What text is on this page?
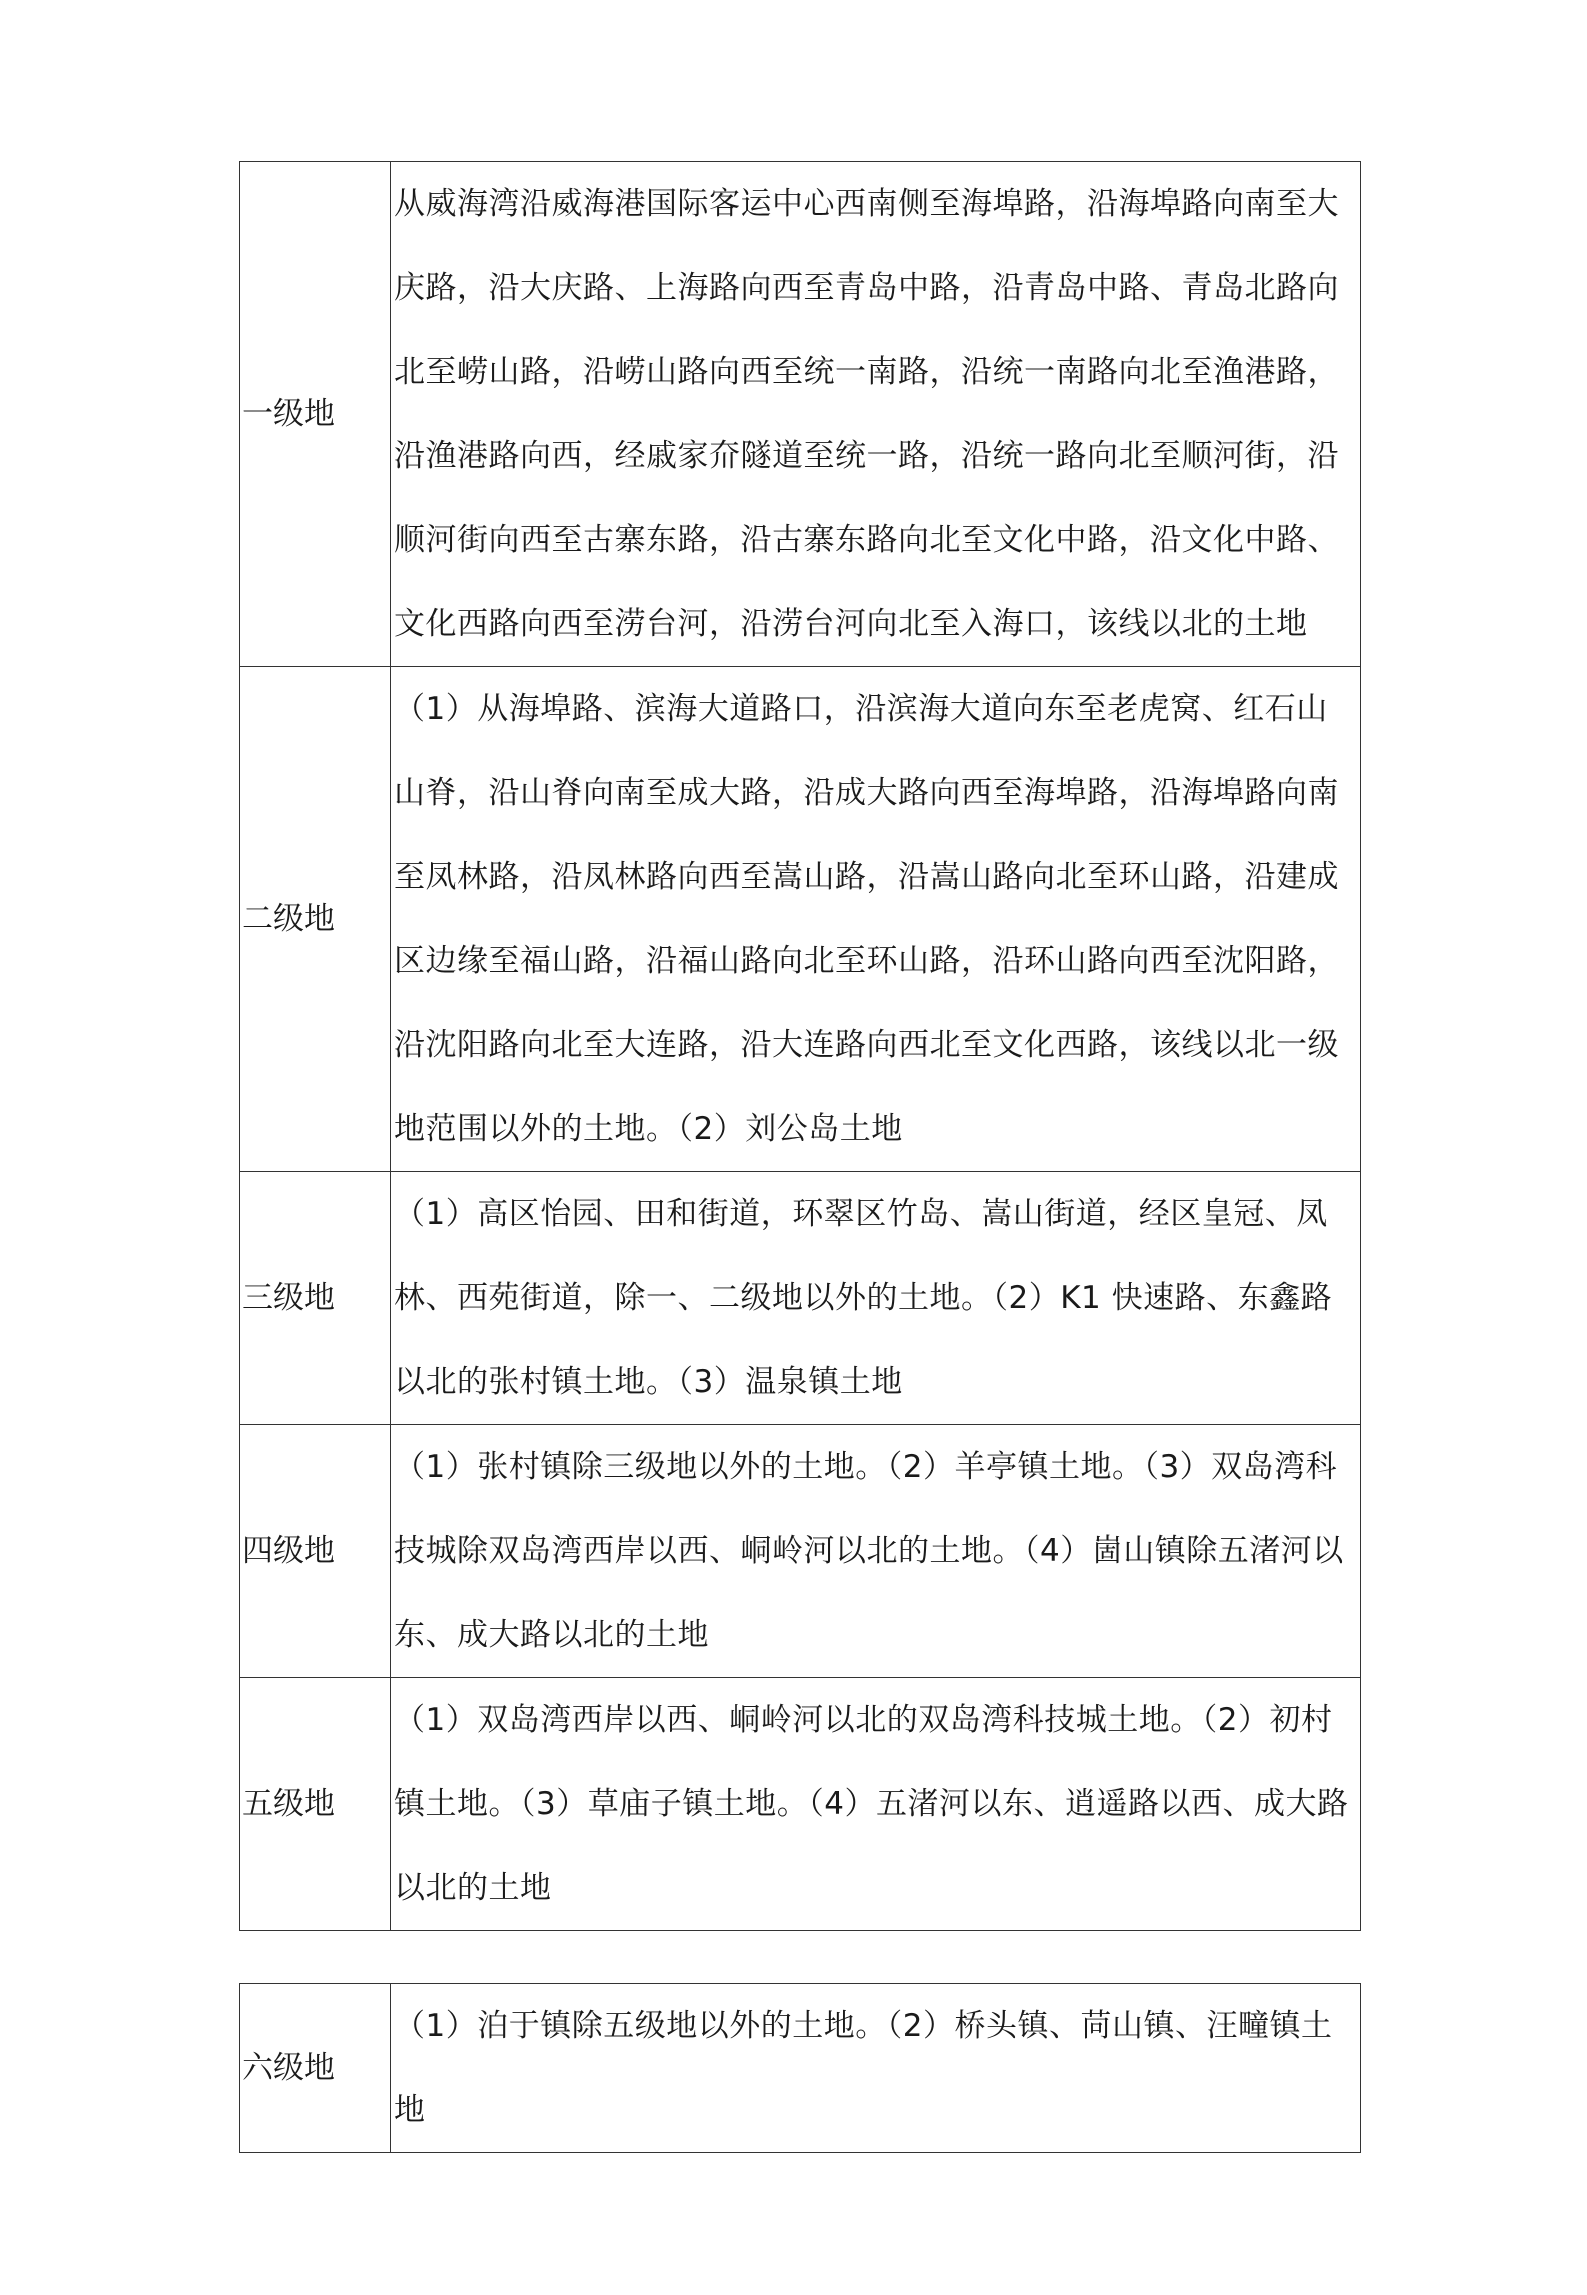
一级地	从威海湾沿威海港国际客运中心西南侧至海埠路，沿海埠路向南至大庆路，沿大庆路、上海路向西至青岛中路，沿青岛中路、青岛北路向北至崂山路，沿崂山路向西至统一南路，沿统一南路向北至渔港路，沿渔港路向西，经戚家夼隧道至统一路，沿统一路向北至顺河街，沿顺河街向西至古寨东路，沿古寨东路向北至文化中路，沿文化中路、文化西路向西至涝台河，沿涝台河向北至入海口，该线以北的土地
二级地	（1）从海埠路、滨海大道路口，沿滨海大道向东至老虎窝、红石山山脊，沿山脊向南至成大路，沿成大路向西至海埠路，沿海埠路向南至凤林路，沿凤林路向西至嵩山路，沿嵩山路向北至环山路，沿建成区边缘至福山路，沿福山路向北至环山路，沿环山路向西至沈阳路，沿沈阳路向北至大连路，沿大连路向西北至文化西路，该线以北一级地范围以外的土地。（2）刘公岛土地
三级地	（1）高区怡园、田和街道，环翠区竹岛、嵩山街道，经区皇冠、凤林、西苑街道，除一、二级地以外的土地。（2）K1 快速路、东鑫路以北的张村镇土地。（3）温泉镇土地
四级地	（1）张村镇除三级地以外的土地。（2）羊亭镇土地。（3）双岛湾科技城除双岛湾西岸以西、峒岭河以北的土地。（4）崮山镇除五渚河以东、成大路以北的土地
五级地	（1）双岛湾西岸以西、峒岭河以北的双岛湾科技城土地。（2）初村镇土地。（3）草庙子镇土地。（4）五渚河以东、逍遥路以西、成大路以北的土地
六级地	（1）泊于镇除五级地以外的土地。（2）桥头镇、苘山镇、汪疃镇土地
